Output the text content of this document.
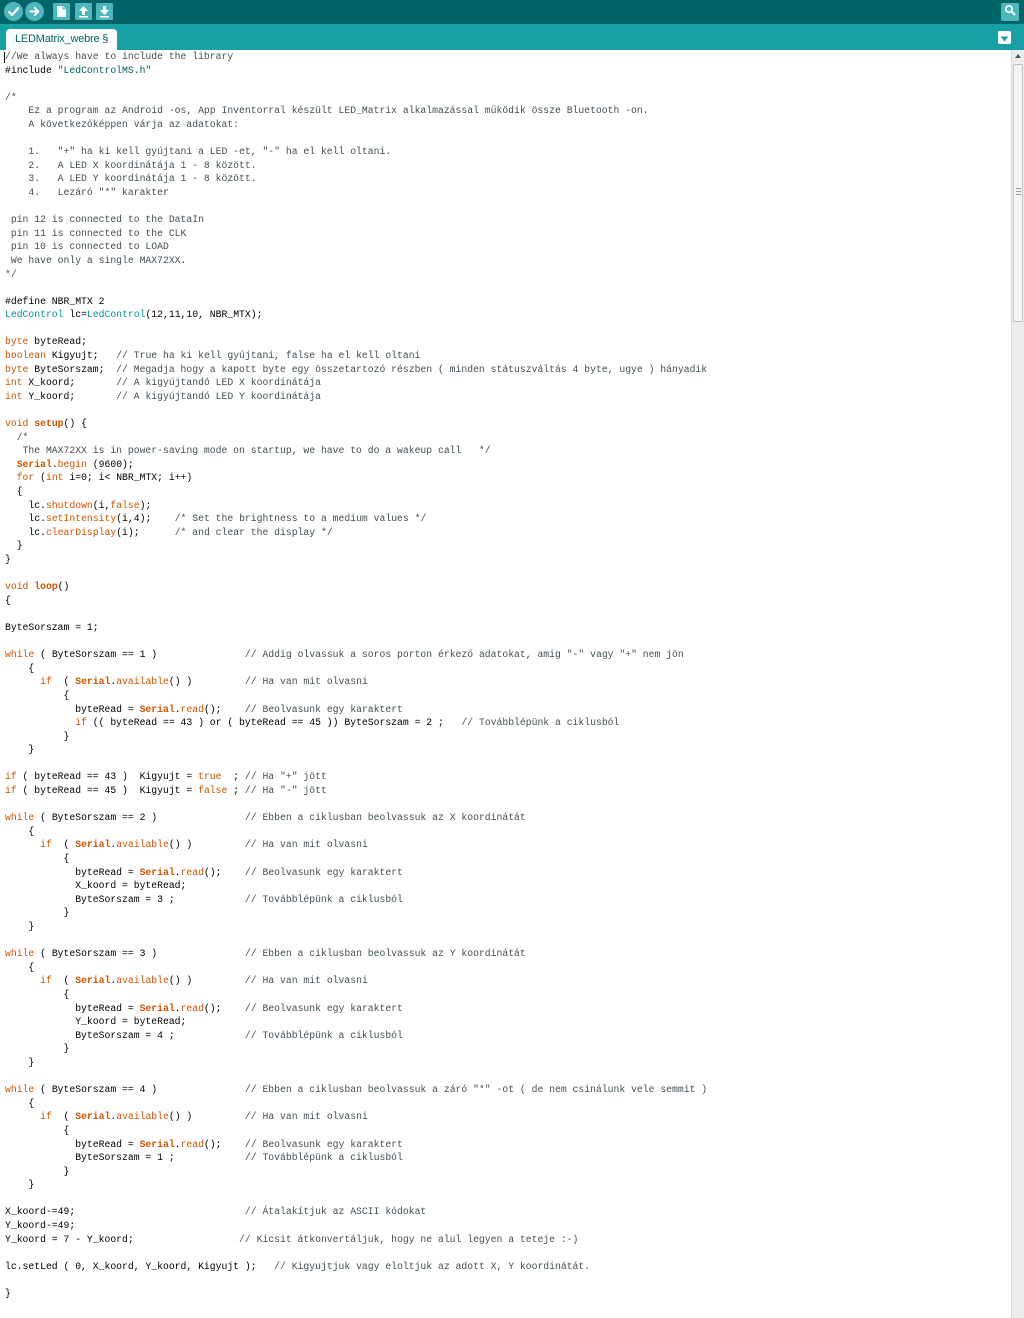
LEDMatrix_webre §
//We always have to include the library
#include "LedControlMS.h"
/*
Ez a program az Android -os, App Inventorral készült LED_Matrix alkalmazással működik össze Bluetooth -on.
A következőképpen várja az adatokat:
1.   "+" ha ki kell gyújtani a LED -et, "-" ha el kell oltani.
2.   A LED X koordinátája 1 - 8 között.
3.   A LED Y koordinátája 1 - 8 között.
4.   Lezáró "*" karakter
pin 12 is connected to the DataIn
pin 11 is connected to the CLK
pin 10 is connected to LOAD
We have only a single MAX72XX.
*/
#define NBR_MTX 2
LedControl lc=LedControl(12,11,10, NBR_MTX);
byte byteRead;
boolean Kigyujt;   // True ha ki kell gyújtani, false ha el kell oltani
byte ByteSorszam;  // Megadja hogy a kapott byte egy összetartozó részben ( minden státuszváltás 4 byte, ugye ) hányadik
int X_koord;       // A kigyújtandó LED X koordinátája
int Y_koord;       // A kigyújtandó LED Y koordinátája
void setup() {
/*
The MAX72XX is in power-saving mode on startup, we have to do a wakeup call   */
Serial.begin (9600);
for (int i=0; i< NBR_MTX; i++)
{
lc.shutdown(i,false);
lc.setIntensity(i,4);    /* Set the brightness to a medium values */
lc.clearDisplay(i);      /* and clear the display */
}
}
void loop()
{
ByteSorszam = 1;
while ( ByteSorszam == 1 )               // Addig olvassuk a soros porton érkező adatokat, amig "-" vagy "+" nem jön
{
if  ( Serial.available() )         // Ha van mit olvasni
{
byteRead = Serial.read();    // Beolvasunk egy karaktert
if (( byteRead == 43 ) or ( byteRead == 45 )) ByteSorszam = 2 ;   // Továbblépünk a ciklusból
}
}
if ( byteRead == 43 )  Kigyujt = true  ; // Ha "+" jött
if ( byteRead == 45 )  Kigyujt = false ; // Ha "-" jött
while ( ByteSorszam == 2 )               // Ebben a ciklusban beolvassuk az X koordinátát
{
if  ( Serial.available() )         // Ha van mit olvasni
{
byteRead = Serial.read();    // Beolvasunk egy karaktert
X_koord = byteRead;
ByteSorszam = 3 ;            // Továbblépünk a ciklusból
}
}
while ( ByteSorszam == 3 )               // Ebben a ciklusban beolvassuk az Y koordinátát
{
if  ( Serial.available() )         // Ha van mit olvasni
{
byteRead = Serial.read();    // Beolvasunk egy karaktert
Y_koord = byteRead;
ByteSorszam = 4 ;            // Továbblépünk a ciklusból
}
}
while ( ByteSorszam == 4 )               // Ebben a ciklusban beolvassuk a záró "*" -ot ( de nem csinálunk vele semmit )
{
if  ( Serial.available() )         // Ha van mit olvasni
{
byteRead = Serial.read();    // Beolvasunk egy karaktert
ByteSorszam = 1 ;            // Továbblépünk a ciklusból
}
}
X_koord-=49;                             // Átalakítjuk az ASCII kódokat
Y_koord-=49;
Y_koord = 7 - Y_koord;                  // Kicsit átkonvertáljuk, hogy ne alul legyen a teteje :-)
lc.setLed ( 0, X_koord, Y_koord, Kigyujt );   // Kigyujtjuk vagy eloltjuk az adott X, Y koordinátát.
}
